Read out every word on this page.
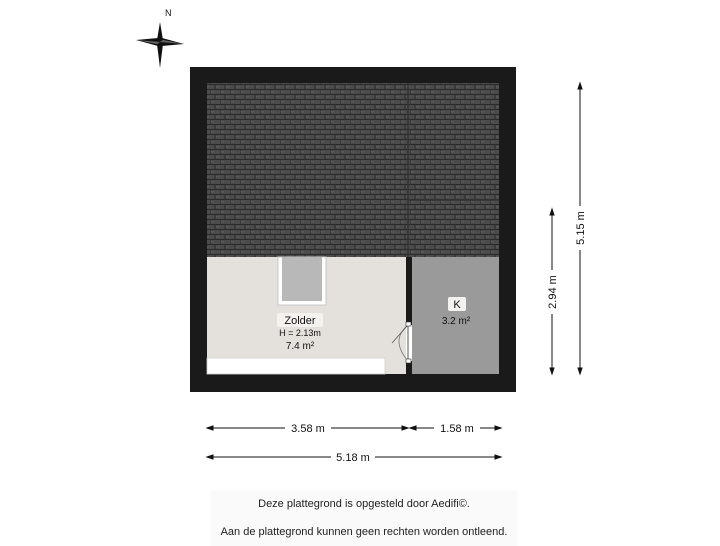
N
Zolder
H = 2.13m
7.4 m²
K
3.2 m²
3.58 m	1.58 m
5.18 m
2.94 m
5.15 m
Deze plattegrond is opgesteld door Aedifi©.
Aan de plattegrond kunnen geen rechten worden ontleend.
